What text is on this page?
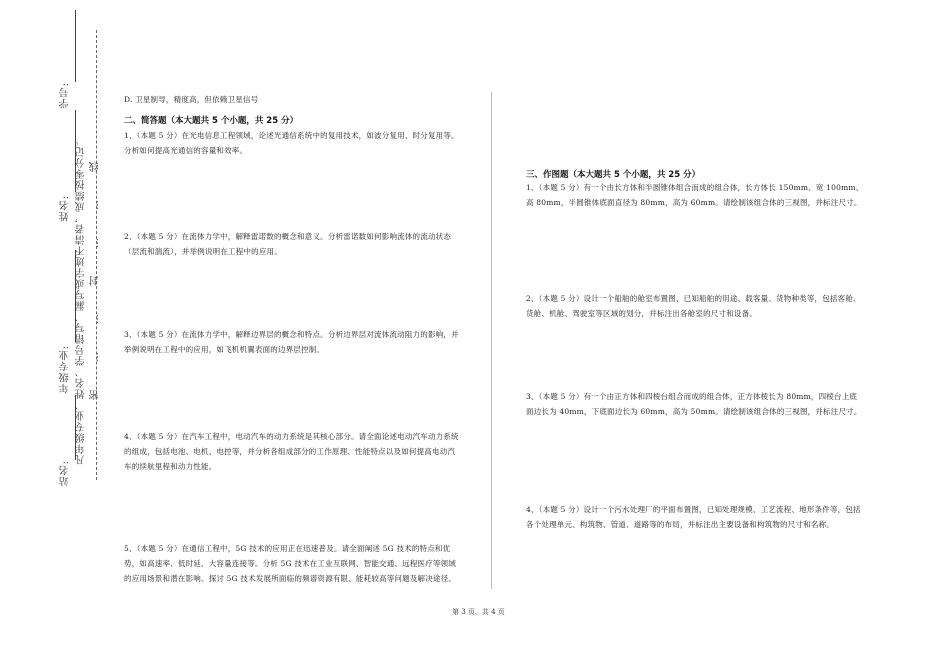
站名:
年级专业:
姓名:
学号:
凡年级专业、姓名、学号错写、漏写或字迹不清者，成绩按零分记。 密……封……线
D. 卫星制导，精度高，但依赖卫星信号
二、简答题（本大题共 5 个小题，共 25 分）

1、（本题 5 分）在光电信息工程领域，论述光通信系统中的复用技术，如波分复用、时分复用等。分析如何提高光通信的容量和效率。

2、（本题 5 分）在流体力学中，解释雷诺数的概念和意义。分析雷诺数如何影响流体的流动状态（层流和湍流），并举例说明在工程中的应用。

3、（本题 5 分）在流体力学中，解释边界层的概念和特点。分析边界层对流体流动阻力的影响，并举例说明在工程中的应用，如飞机机翼表面的边界层控制。

4、（本题 5 分）在汽车工程中，电动汽车的动力系统是其核心部分。请全面论述电动汽车动力系统的组成，包括电池、电机、电控等，并分析各组成部分的工作原理、性能特点以及如何提高电动汽车的续航里程和动力性能。

5、（本题 5 分）在通信工程中，5G 技术的应用正在迅速普及。请全面阐述 5G 技术的特点和优势，如高速率、低时延、大容量连接等。分析 5G 技术在工业互联网、智能交通、远程医疗等领域的应用场景和潜在影响。探讨 5G 技术发展所面临的频谱资源有限、能耗较高等问题及解决途径。

三、作图题（本大题共 5 个小题，共 25 分）

1、（本题 5 分）有一个由长方体和半圆锥体组合而成的组合体，长方体长 150mm、宽 100mm、高 80mm，半圆锥体底面直径为 80mm，高为 60mm。请绘制该组合体的三视图，并标注尺寸。

2、（本题 5 分）设计一个船舶的舱室布置图，已知船舶的用途、载客量、货物种类等，包括客舱、货舱、机舱、驾驶室等区域的划分，并标注出各舱室的尺寸和设备。

3、（本题 5 分）有一个由正方体和四棱台组合而成的组合体，正方体棱长为 80mm，四棱台上底面边长为 40mm，下底面边长为 60mm，高为 50mm。请绘制该组合体的三视图，并标注尺寸。

4、（本题 5 分）设计一个污水处理厂的平面布置图，已知处理规模、工艺流程、地形条件等，包括各个处理单元、构筑物、管道、道路等的布局，并标注出主要设备和构筑物的尺寸和名称。

第 3 页，共 4 页
